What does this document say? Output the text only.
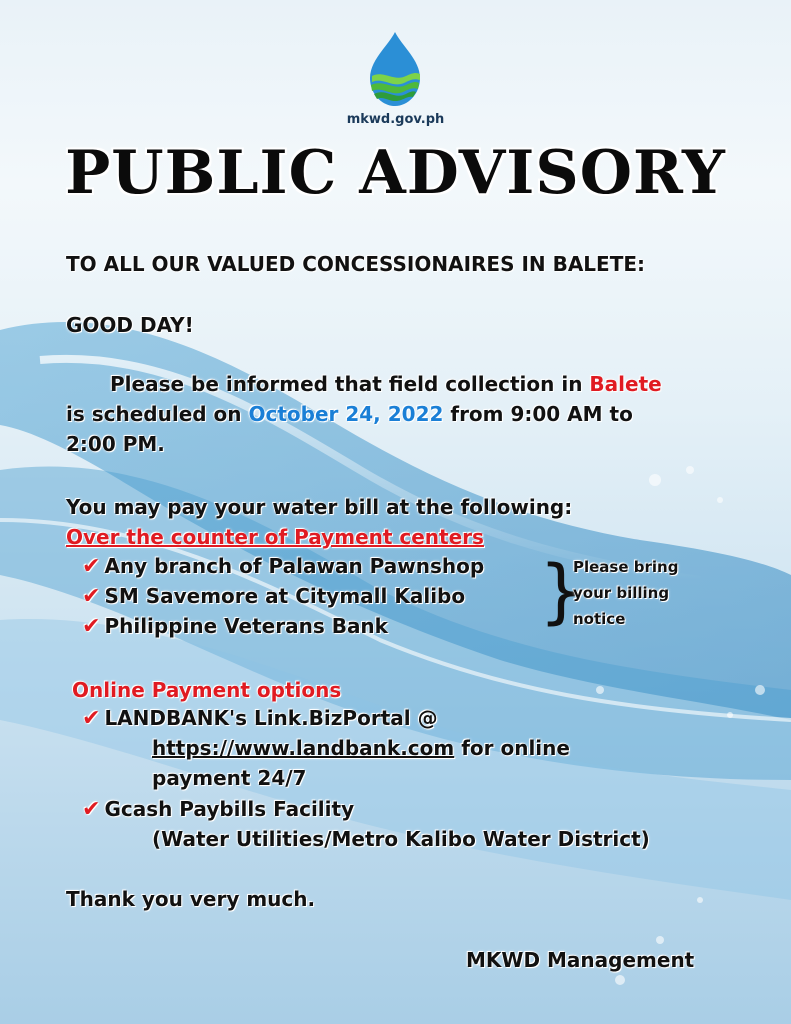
mkwd.gov.ph
PUBLIC ADVISORY
TO ALL OUR VALUED CONCESSIONAIRES IN BALETE:
GOOD DAY!
Please be informed that field collection in Balete
is scheduled on October 24, 2022 from 9:00 AM to
2:00 PM.
You may pay your water bill at the following:
Over the counter of Payment centers
✔ Any branch of Palawan Pawnshop
✔ SM Savemore at Citymall Kalibo
✔ Philippine Veterans Bank }
Please bring
your billing
notice
Online Payment options
✔ LANDBANK's Link.BizPortal @
https://www.landbank.com for online
payment 24/7
✔ Gcash Paybills Facility
(Water Utilities/Metro Kalibo Water District)
Thank you very much.
MKWD Management
